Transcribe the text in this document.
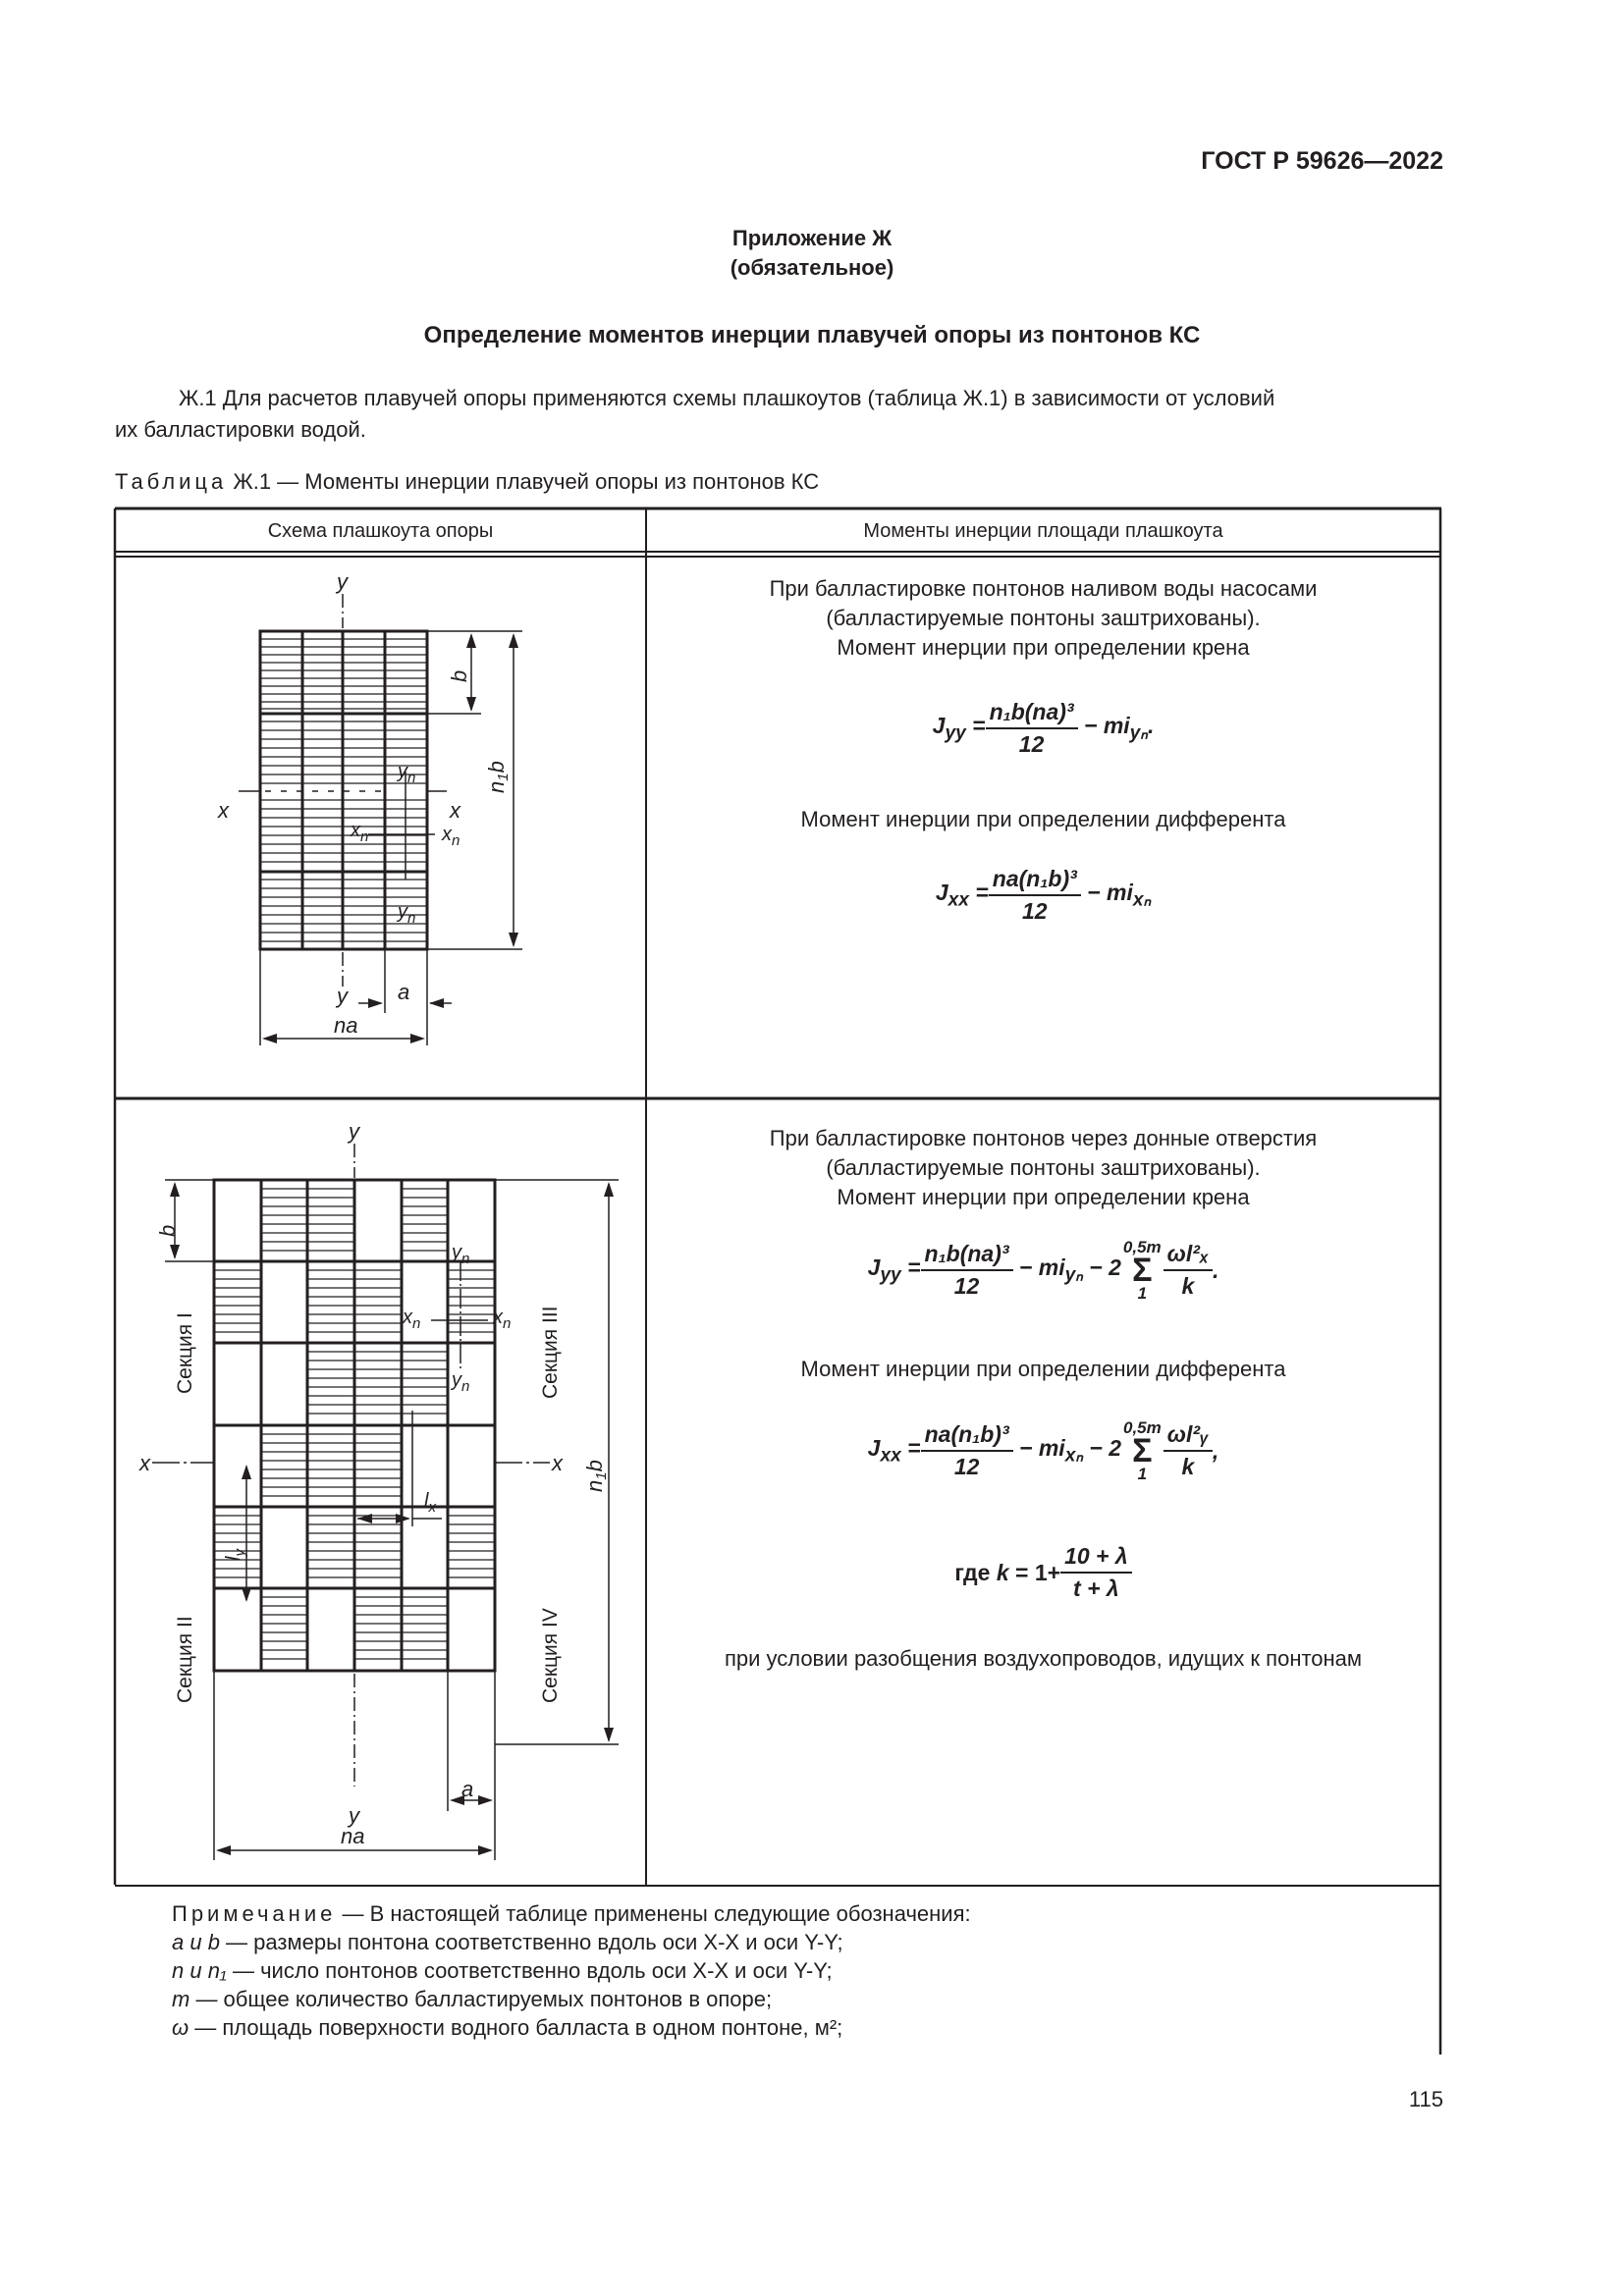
ГОСТ Р 59626—2022
Приложение Ж
(обязательное)
Определение моментов инерции плавучей опоры из понтонов КС
Ж.1 Для расчетов плавучей опоры применяются схемы плашкоутов (таблица Ж.1) в зависимости от условий
их балластировки водой.
Таблица Ж.1 — Моменты инерции плавучей опоры из понтонов КС
Схема плашкоута опоры	Моменты инерции площади плашкоута
y
y
x	x
a
na
$y_n$
$y_n$
$x_n$	$x_n$
b
n1b
При балластировке понтонов наливом воды насосами
(балластируемые понтоны заштрихованы).
Момент инерции при определении крена
$J_{yy} = \frac{\text{n₁b(na)³}}{12} - mi_{y_n}$.
Момент инерции при определении дифферента
$J_{xx} = \frac{\text{na(n₁b)³}}{12} - mi_{x_n}$
y
y
x	x
a
na
$y_n$
$y_n$
$x_n$	$x_n$
$l_x$
$l_y$
b
n1b
Секция I
Секция II
Секция III
Секция IV
При балластировке понтонов через донные отверстия
(балластируемые понтоны заштрихованы).
Момент инерции при определении крена
$J_{yy} = \frac{\text{n₁b(na)³}}{12} - mi_{y_n} - 2$
0,5m
Σ
$1 \frac{\text{ωl²ₓ}}{k}$ .
Момент инерции при определении дифферента
$J_{xx} = \frac{\text{na(n₁b)³}}{12} - mi_{x_n} - 2$
0,5m
Σ
$1 \frac{\text{ωl²ᵧ}}{k}$ ,
где
k
= $1+ \frac{10 + \lambda}{t + \lambda}$
при условии разобщения воздухопроводов, идущих к понтонам
Примечание — В настоящей таблице применены следующие обозначения:
a и b — размеры понтона соответственно вдоль оси X-X и оси Y-Y;
n и n₁ — число понтонов соответственно вдоль оси X-X и оси Y-Y;
m — общее количество балластируемых понтонов в опоре;
ω — площадь поверхности водного балласта в одном понтоне, м²;
115
